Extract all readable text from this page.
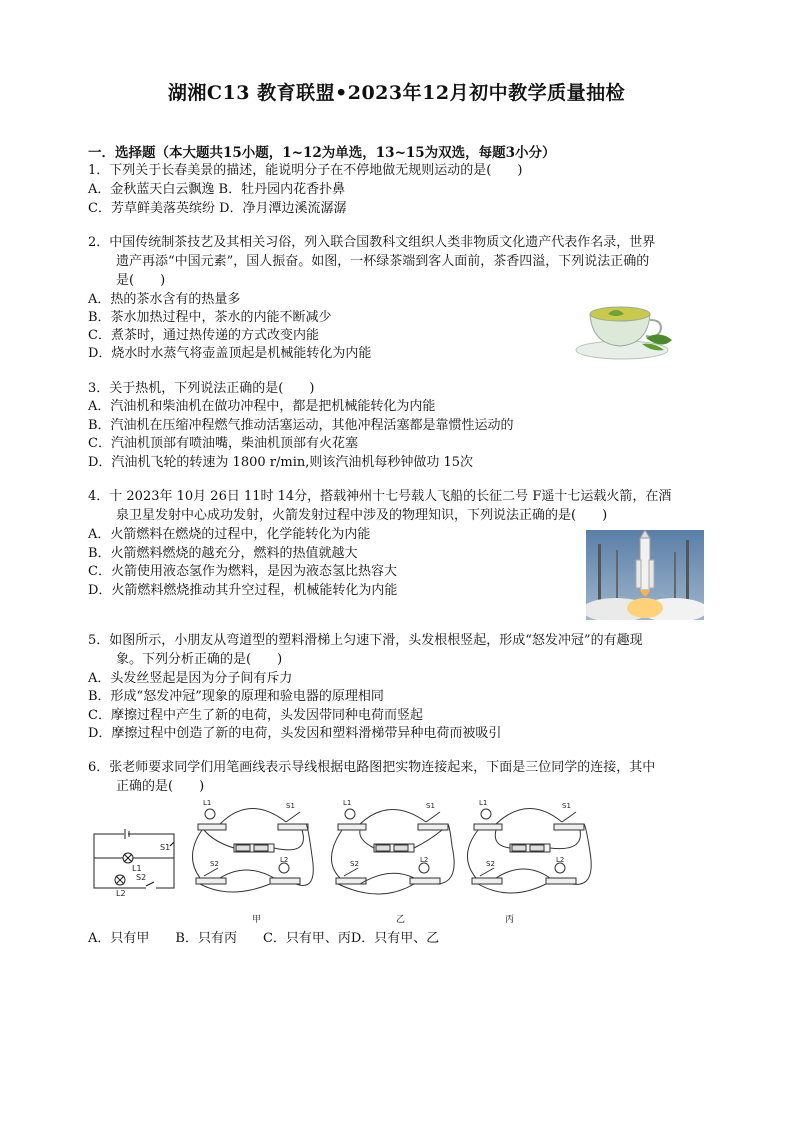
湖湘C13 教育联盟•2023年12月初中教学质量抽检
一．选择题（本大题共15小题，1~12为单选，13~15为双选，每题3小分）
1．下列关于长春美景的描述，能说明分子在不停地做无规则运动的是(　　)
A．金秋蓝天白云飘逸 B．牡丹园内花香扑鼻
C．芳草鲜美落英缤纷 D．净月潭边溪流潺潺
2．中国传统制茶技艺及其相关习俗，列入联合国教科文组织人类非物质文化遗产代表作名录，世界
遗产再添“中国元素”，国人振奋。如图，一杯绿茶端到客人面前，茶香四溢，下列说法正确的
是(　　)
A．热的茶水含有的热量多
B．茶水加热过程中，茶水的内能不断减少
C．煮茶时，通过热传递的方式改变内能
D．烧水时水蒸气将壶盖顶起是机械能转化为内能
3．关于热机，下列说法正确的是(　　)
A．汽油机和柴油机在做功冲程中，都是把机械能转化为内能
B．汽油机在压缩冲程燃气推动活塞运动，其他冲程活塞都是靠惯性运动的
C．汽油机顶部有喷油嘴，柴油机顶部有火花塞
D．汽油机飞轮的转速为 1800 r/min,则该汽油机每秒钟做功 15次
4．十 2023年 10月 26日 11时 14分，搭载神州十七号载人飞船的长征二号 F遥十七运载火箭，在酒
泉卫星发射中心成功发射，火箭发射过程中涉及的物理知识，下列说法正确的是(　　)
A．火箭燃料在燃烧的过程中，化学能转化为内能
B．火箭燃料燃烧的越充分，燃料的热值就越大
C．火箭使用液态氢作为燃料，是因为液态氢比热容大
D．火箭燃料燃烧推动其升空过程，机械能转化为内能
5．如图所示，小朋友从弯道型的塑料滑梯上匀速下滑，头发根根竖起，形成“怒发冲冠”的有趣现
象。下列分析正确的是(　　)
A．头发丝竖起是因为分子间有斥力
B．形成“怒发冲冠”现象的原理和验电器的原理相同
C．摩擦过程中产生了新的电荷，头发因带同种电荷而竖起
D．摩擦过程中创造了新的电荷，头发因和塑料滑梯带异种电荷而被吸引
6．张老师要求同学们用笔画线表示导线根据电路图把实物连接起来，下面是三位同学的连接，其中
正确的是(　　)
L1
L2
S1
S2
L1	S1
S2	L2
L1	S1
S2	L2
L1	S1
S2	L2
甲	乙	丙
A．只有甲　　B．只有丙　　C．只有甲、丙D．只有甲、乙
